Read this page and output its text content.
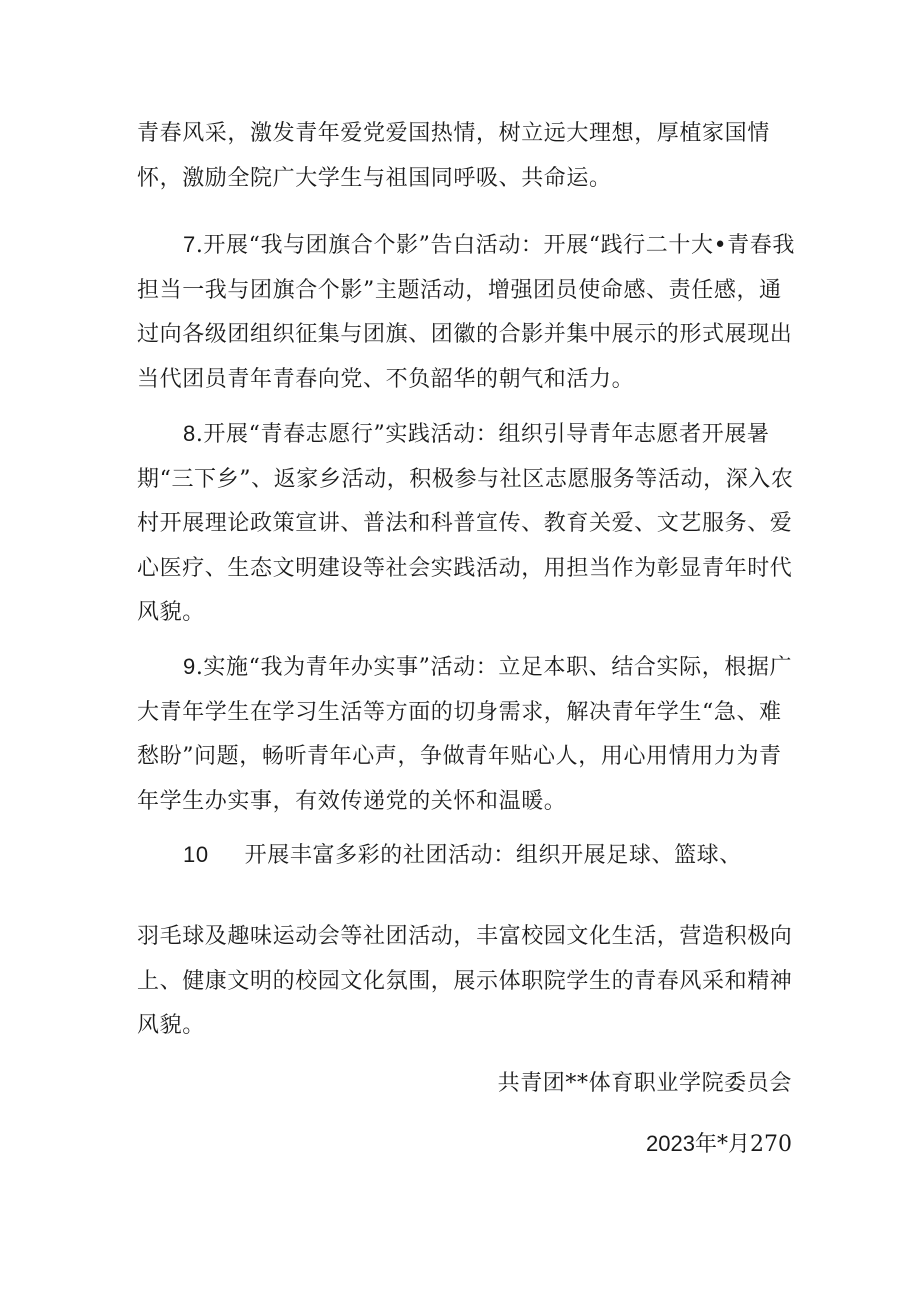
青春风采，激发青年爱党爱国热情，树立远大理想，厚植家国情怀，激励全院广大学生与祖国同呼吸、共命运。

7.开展“我与团旗合个影”告白活动：开展“践行二十大•青春我担当一我与团旗合个影”主题活动，增强团员使命感、责任感，通过向各级团组织征集与团旗、团徽的合影并集中展示的形式展现出当代团员青年青春向党、不负韶华的朝气和活力。

8.开展“青春志愿行”实践活动：组织引导青年志愿者开展暑期“三下乡”、返家乡活动，积极参与社区志愿服务等活动，深入农村开展理论政策宣讲、普法和科普宣传、教育关爱、文艺服务、爱心医疗、生态文明建设等社会实践活动，用担当作为彰显青年时代风貌。

9.实施“我为青年办实事”活动：立足本职、结合实际，根据广大青年学生在学习生活等方面的切身需求，解决青年学生“急、难愁盼”问题，畅听青年心声，争做青年贴心人，用心用情用力为青年学生办实事，有效传递党的关怀和温暖。

10 开展丰富多彩的社团活动：组织开展足球、篮球、

羽毛球及趣味运动会等社团活动，丰富校园文化生活，营造积极向上、健康文明的校园文化氛围，展示体职院学生的青春风采和精神风貌。

共青团**体育职业学院委员会
2023年*月270
